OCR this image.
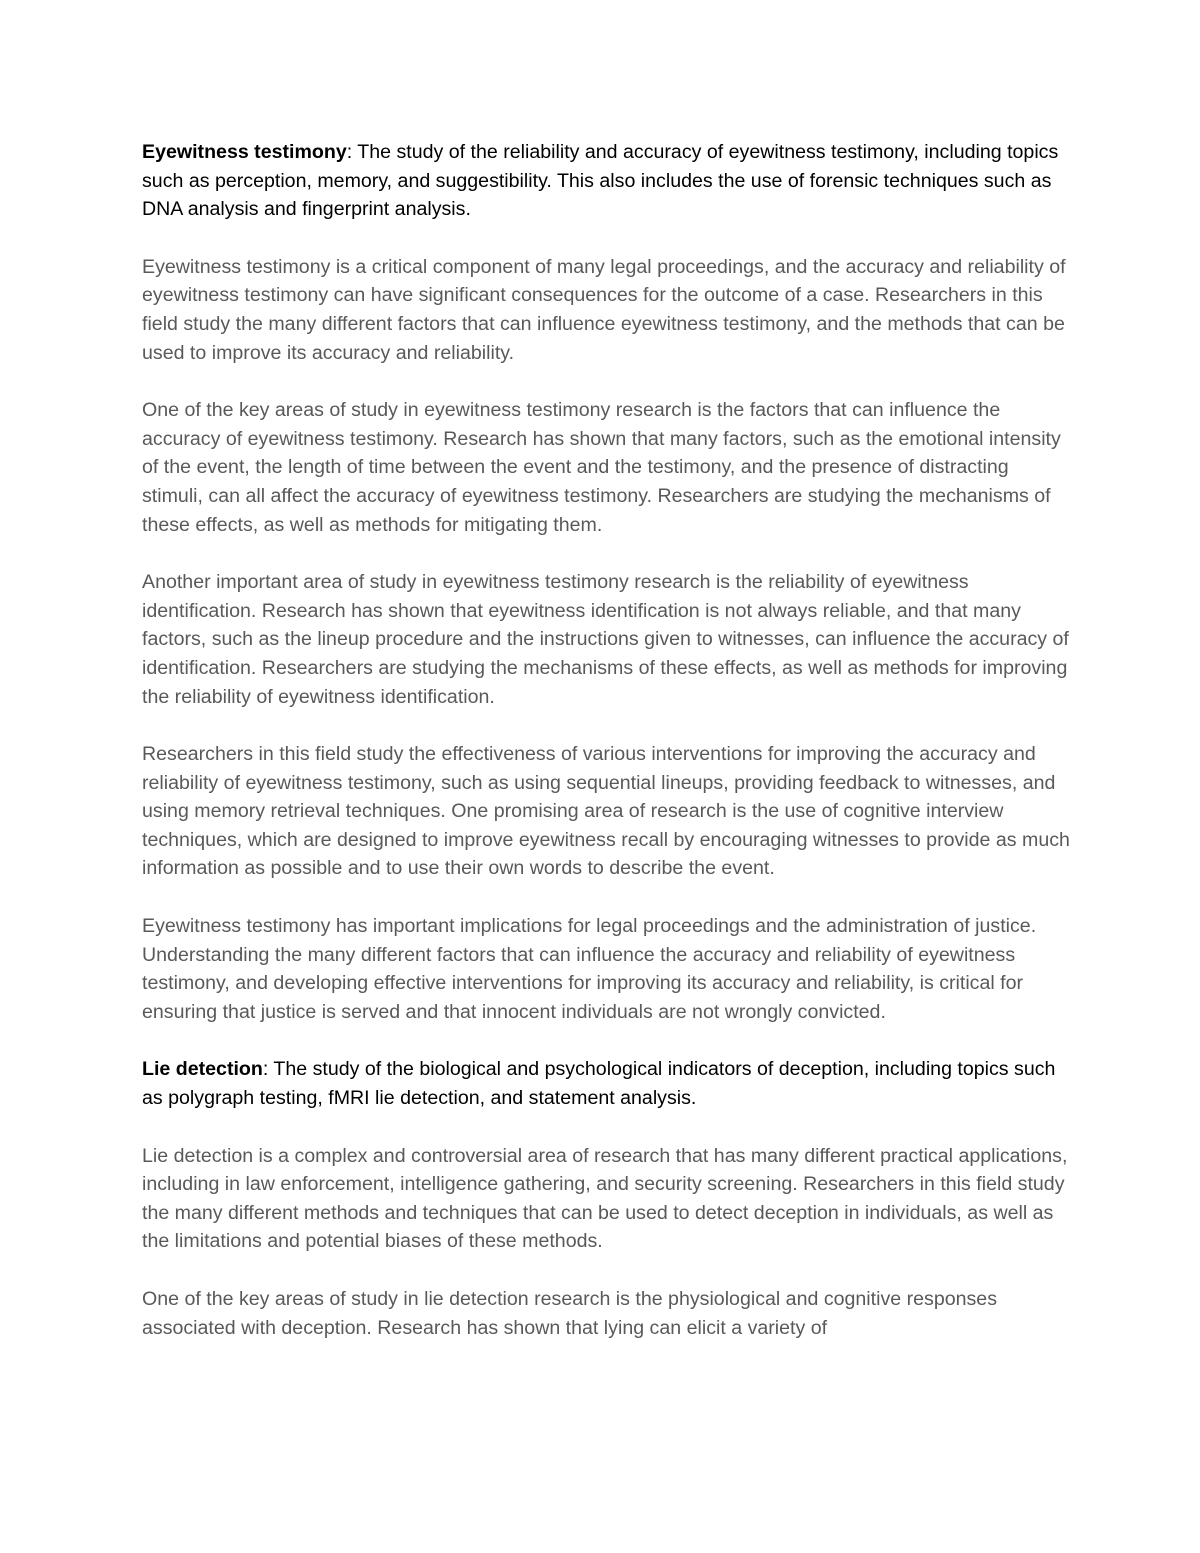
Eyewitness testimony: The study of the reliability and accuracy of eyewitness testimony, including topics such as perception, memory, and suggestibility. This also includes the use of forensic techniques such as DNA analysis and fingerprint analysis.

Eyewitness testimony is a critical component of many legal proceedings, and the accuracy and reliability of eyewitness testimony can have significant consequences for the outcome of a case. Researchers in this field study the many different factors that can influence eyewitness testimony, and the methods that can be used to improve its accuracy and reliability.

One of the key areas of study in eyewitness testimony research is the factors that can influence the accuracy of eyewitness testimony. Research has shown that many factors, such as the emotional intensity of the event, the length of time between the event and the testimony, and the presence of distracting stimuli, can all affect the accuracy of eyewitness testimony. Researchers are studying the mechanisms of these effects, as well as methods for mitigating them.

Another important area of study in eyewitness testimony research is the reliability of eyewitness identification. Research has shown that eyewitness identification is not always reliable, and that many factors, such as the lineup procedure and the instructions given to witnesses, can influence the accuracy of identification. Researchers are studying the mechanisms of these effects, as well as methods for improving the reliability of eyewitness identification.

Researchers in this field study the effectiveness of various interventions for improving the accuracy and reliability of eyewitness testimony, such as using sequential lineups, providing feedback to witnesses, and using memory retrieval techniques. One promising area of research is the use of cognitive interview techniques, which are designed to improve eyewitness recall by encouraging witnesses to provide as much information as possible and to use their own words to describe the event.

Eyewitness testimony has important implications for legal proceedings and the administration of justice. Understanding the many different factors that can influence the accuracy and reliability of eyewitness testimony, and developing effective interventions for improving its accuracy and reliability, is critical for ensuring that justice is served and that innocent individuals are not wrongly convicted.

Lie detection: The study of the biological and psychological indicators of deception, including topics such as polygraph testing, fMRI lie detection, and statement analysis.

Lie detection is a complex and controversial area of research that has many different practical applications, including in law enforcement, intelligence gathering, and security screening. Researchers in this field study the many different methods and techniques that can be used to detect deception in individuals, as well as the limitations and potential biases of these methods.

One of the key areas of study in lie detection research is the physiological and cognitive responses associated with deception. Research has shown that lying can elicit a variety of
